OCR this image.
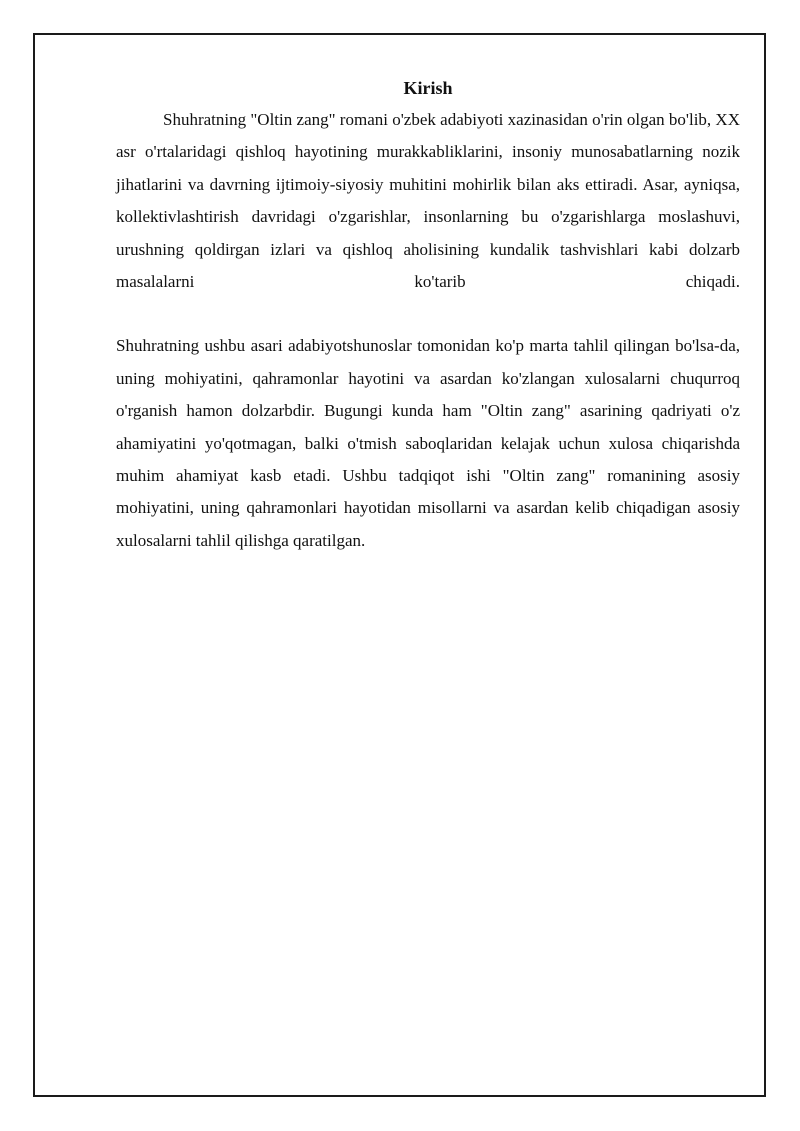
Kirish

Shuhratning "Oltin zang" romani o'zbek adabiyoti xazinasidan o'rin olgan bo'lib, XX asr o'rtalaridagi qishloq hayotining murakkabliklarini, insoniy munosabatlarning nozik jihatlarini va davrning ijtimoiy-siyosiy muhitini mohirlik bilan aks ettiradi. Asar, ayniqsa, kollektivlashtirish davridagi o'zgarishlar, insonlarning bu o'zgarishlarga moslashuvi, urushning qoldirgan izlari va qishloq aholisining kundalik tashvishlari kabi dolzarb masalalarni ko'tarib chiqadi.

Shuhratning ushbu asari adabiyotshunoslar tomonidan ko'p marta tahlil qilingan bo'lsa-da, uning mohiyatini, qahramonlar hayotini va asardan ko'zlangan xulosalarni chuqurroq o'rganish hamon dolzarbdir. Bugungi kunda ham "Oltin zang" asarining qadriyati o'z ahamiyatini yo'qotmagan, balki o'tmish saboqlaridan kelajak uchun xulosa chiqarishda muhim ahamiyat kasb etadi. Ushbu tadqiqot ishi "Oltin zang" romanining asosiy mohiyatini, uning qahramonlari hayotidan misollarni va asardan kelib chiqadigan asosiy xulosalarni tahlil qilishga qaratilgan.
